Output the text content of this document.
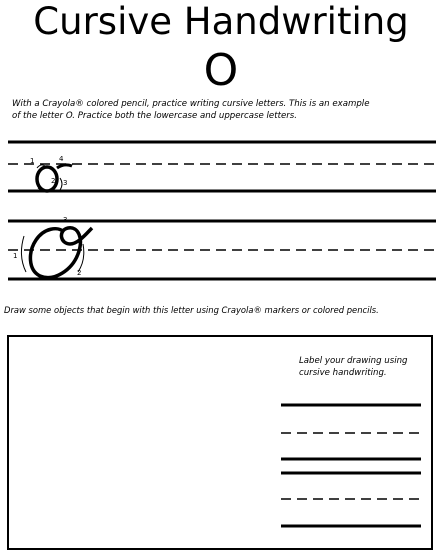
Cursive Handwriting
O
With a Crayola® colored pencil, practice writing cursive letters. This is an example
of the letter O. Practice both the lowercase and uppercase letters.
1	4
3
2
3
1
2
Draw some objects that begin with this letter using Crayola® markers or colored pencils.
Label your drawing using
cursive handwriting.
